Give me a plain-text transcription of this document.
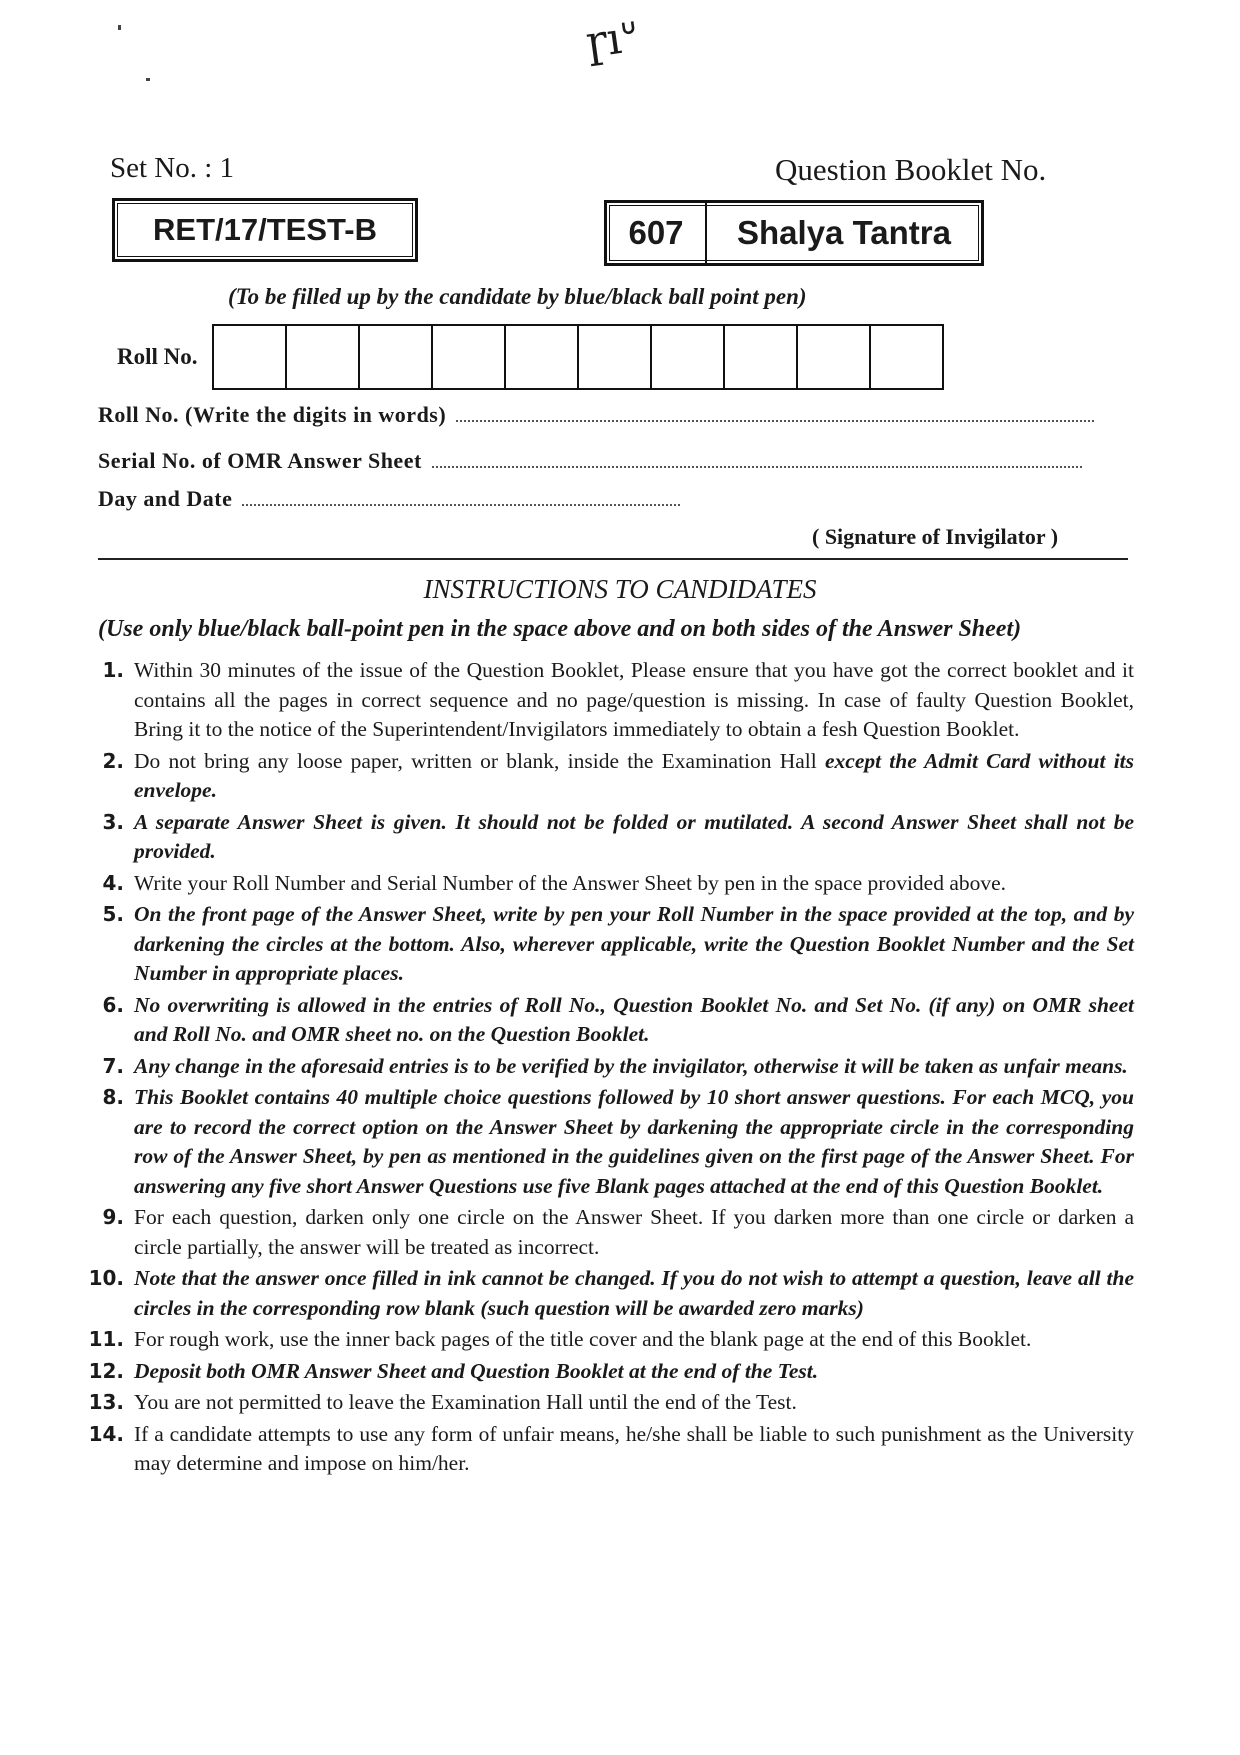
ɼıᐡ
Set No. : 1	Question Booklet No.
RET/17/TEST-B	607	Shalya Tantra
(To be filled up by the candidate by blue/black ball point pen)
Roll No.
Roll No. (Write the digits in words)
Serial No. of OMR Answer Sheet
Day and Date
( Signature of Invigilator )
INSTRUCTIONS TO CANDIDATES
(Use only blue/black ball-point pen in the space above and on both sides of the Answer Sheet)
1. Within 30 minutes of the issue of the Question Booklet, Please ensure that you have got the correct booklet and it contains all the pages in correct sequence and no page/question is missing. In case of faulty Question Booklet, Bring it to the notice of the Superintendent/Invigilators immediately to obtain a fesh Question Booklet.
2. Do not bring any loose paper, written or blank, inside the Examination Hall except the Admit Card without its envelope.
3. A separate Answer Sheet is given. It should not be folded or mutilated. A second Answer Sheet shall not be provided.
4. Write your Roll Number and Serial Number of the Answer Sheet by pen in the space provided above.
5. On the front page of the Answer Sheet, write by pen your Roll Number in the space provided at the top, and by darkening the circles at the bottom. Also, wherever applicable, write the Question Booklet Number and the Set Number in appropriate places.
6. No overwriting is allowed in the entries of Roll No., Question Booklet No. and Set No. (if any) on OMR sheet and Roll No. and OMR sheet no. on the Question Booklet.
7. Any change in the aforesaid entries is to be verified by the invigilator, otherwise it will be taken as unfair means.
8. This Booklet contains 40 multiple choice questions followed by 10 short answer questions. For each MCQ, you are to record the correct option on the Answer Sheet by darkening the appropriate circle in the corresponding row of the Answer Sheet, by pen as mentioned in the guidelines given on the first page of the Answer Sheet. For answering any five short Answer Questions use five Blank pages attached at the end of this Question Booklet.
9. For each question, darken only one circle on the Answer Sheet. If you darken more than one circle or darken a circle partially, the answer will be treated as incorrect.
10. Note that the answer once filled in ink cannot be changed. If you do not wish to attempt a question, leave all the circles in the corresponding row blank (such question will be awarded zero marks)
11. For rough work, use the inner back pages of the title cover and the blank page at the end of this Booklet.
12. Deposit both OMR Answer Sheet and Question Booklet at the end of the Test.
13. You are not permitted to leave the Examination Hall until the end of the Test.
14. If a candidate attempts to use any form of unfair means, he/she shall be liable to such punishment as the University may determine and impose on him/her.
